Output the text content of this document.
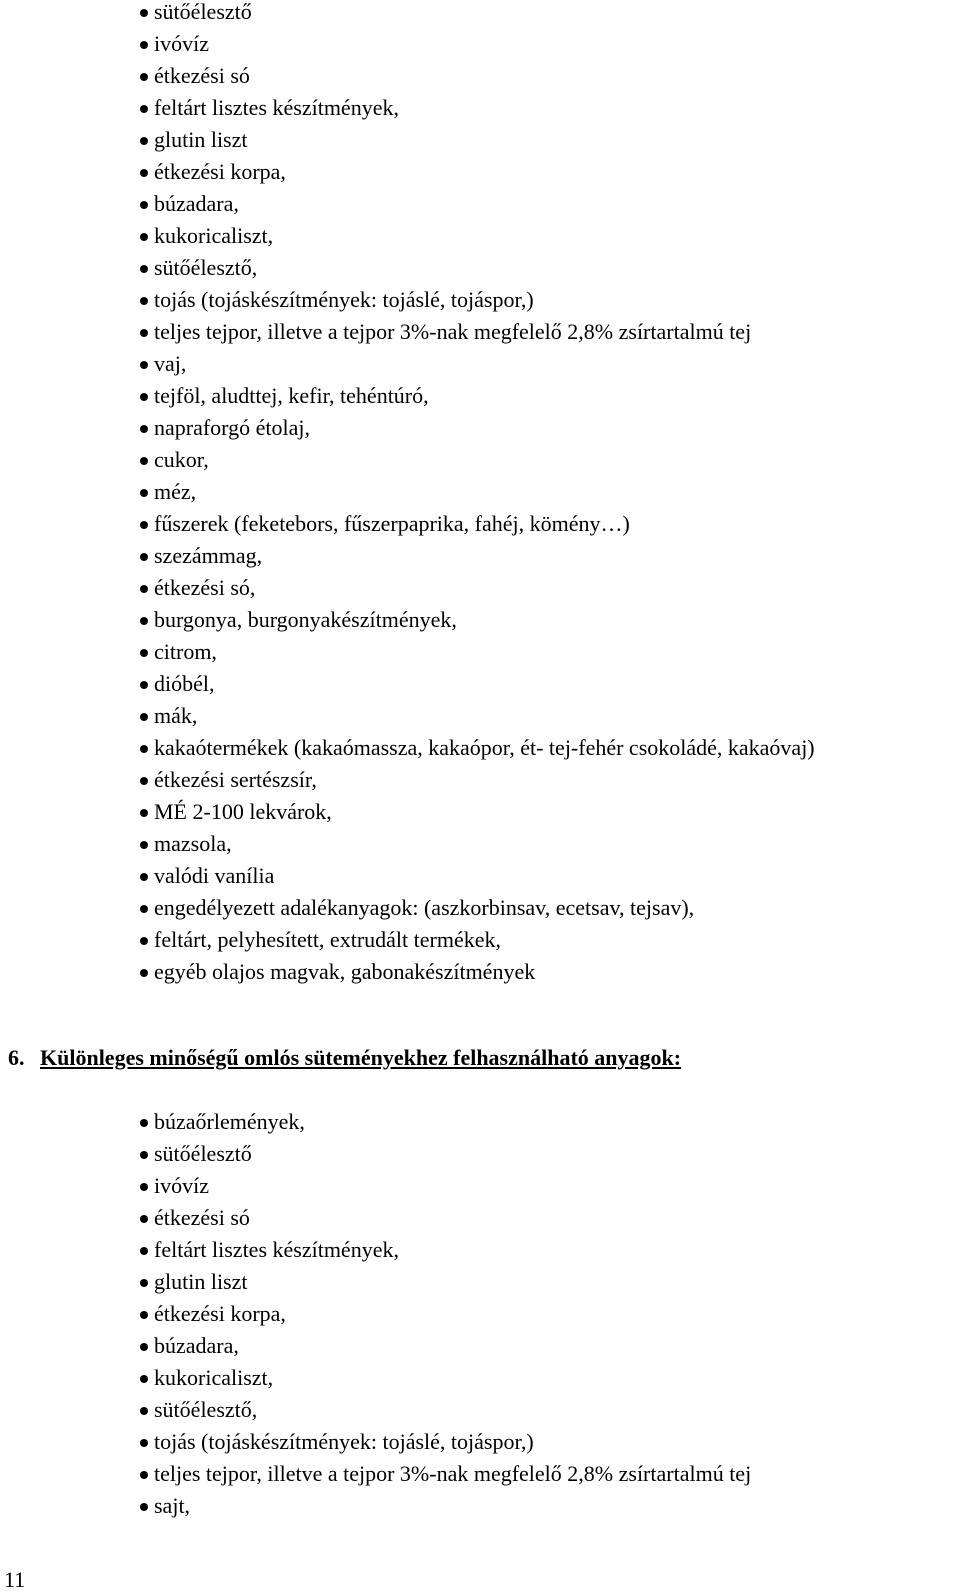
sütőélesztő
ivóvíz
étkezési só
feltárt lisztes készítmények,
glutin liszt
étkezési korpa,
búzadara,
kukoricaliszt,
sütőélesztő,
tojás (tojáskészítmények: tojáslé, tojáspor,)
teljes tejpor, illetve a tejpor 3%-nak megfelelő 2,8% zsírtartalmú tej
vaj,
tejföl, aludttej, kefir, tehéntúró,
napraforgó étolaj,
cukor,
méz,
fűszerek (feketebors, fűszerpaprika, fahéj, kömény…)
szezámmag,
étkezési só,
burgonya, burgonyakészítmények,
citrom,
dióbél,
mák,
kakaótermékek (kakaómassza, kakaópor, ét- tej-fehér csokoládé, kakaóvaj)
étkezési sertészsír,
MÉ 2-100 lekvárok,
mazsola,
valódi vanília
engedélyezett adalékanyagok: (aszkorbinsav, ecetsav, tejsav),
feltárt, pelyhesített, extrudált termékek,
egyéb olajos magvak, gabonakészítmények
6. Különleges minőségű omlós süteményekhez felhasználható anyagok:
búzaőrlemények,
sütőélesztő
ivóvíz
étkezési só
feltárt lisztes készítmények,
glutin liszt
étkezési korpa,
búzadara,
kukoricaliszt,
sütőélesztő,
tojás (tojáskészítmények: tojáslé, tojáspor,)
teljes tejpor, illetve a tejpor 3%-nak megfelelő 2,8% zsírtartalmú tej
sajt,
11
